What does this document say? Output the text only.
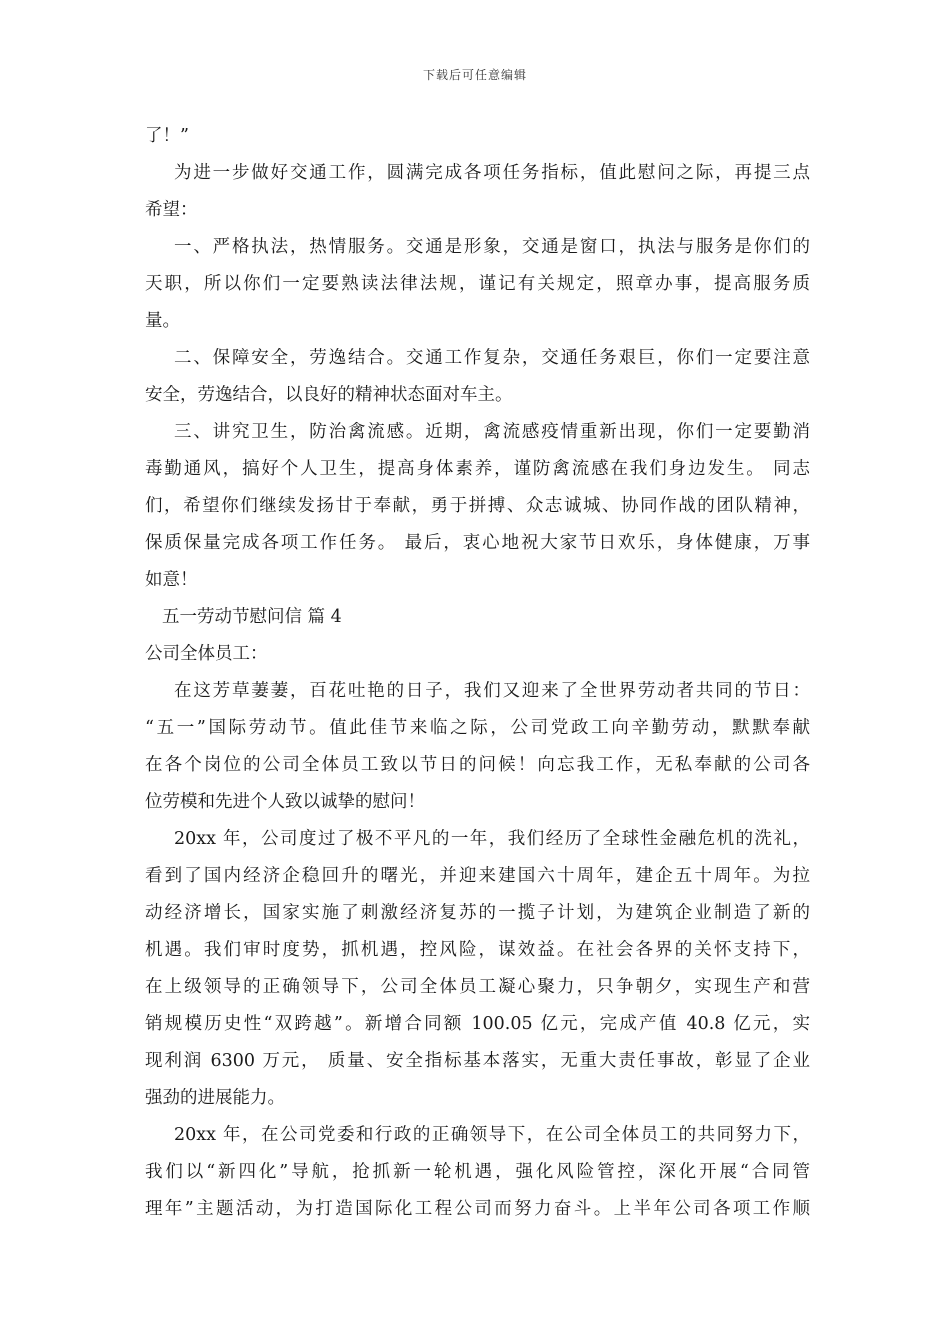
下载后可任意编辑
了！”
为进一步做好交通工作，圆满完成各项任务指标，值此慰问之际，再提三点
希望：
一、严格执法，热情服务。交通是形象，交通是窗口，执法与服务是你们的
天职，所以你们一定要熟读法律法规，谨记有关规定，照章办事，提高服务质
量。
二、保障安全，劳逸结合。交通工作复杂，交通任务艰巨，你们一定要注意
安全，劳逸结合，以良好的精神状态面对车主。
三、讲究卫生，防治禽流感。近期，禽流感疫情重新出现，你们一定要勤消
毒勤通风，搞好个人卫生，提高身体素养，谨防禽流感在我们身边发生。 同志
们，希望你们继续发扬甘于奉献，勇于拼搏、众志诚城、协同作战的团队精神，
保质保量完成各项工作任务。 最后，衷心地祝大家节日欢乐，身体健康，万事
如意！
五一劳动节慰问信 篇 4
公司全体员工：
在这芳草萋萋，百花吐艳的日子，我们又迎来了全世界劳动者共同的节日：
“五一”国际劳动节。值此佳节来临之际，公司党政工向辛勤劳动，默默奉献
在各个岗位的公司全体员工致以节日的问候！向忘我工作，无私奉献的公司各
位劳模和先进个人致以诚挚的慰问！
20xx 年，公司度过了极不平凡的一年，我们经历了全球性金融危机的洗礼，
看到了国内经济企稳回升的曙光，并迎来建国六十周年，建企五十周年。为拉
动经济增长，国家实施了刺激经济复苏的一揽子计划，为建筑企业制造了新的
机遇。我们审时度势，抓机遇，控风险，谋效益。在社会各界的关怀支持下，
在上级领导的正确领导下，公司全体员工凝心聚力，只争朝夕，实现生产和营
销规模历史性“双跨越”。新增合同额 100.05 亿元，完成产值 40.8 亿元，实
现利润 6300 万元， 质量、安全指标基本落实，无重大责任事故，彰显了企业
强劲的进展能力。
20xx 年，在公司党委和行政的正确领导下，在公司全体员工的共同努力下，
我们以“新四化”导航，抢抓新一轮机遇，强化风险管控，深化开展“合同管
理年”主题活动，为打造国际化工程公司而努力奋斗。上半年公司各项工作顺
